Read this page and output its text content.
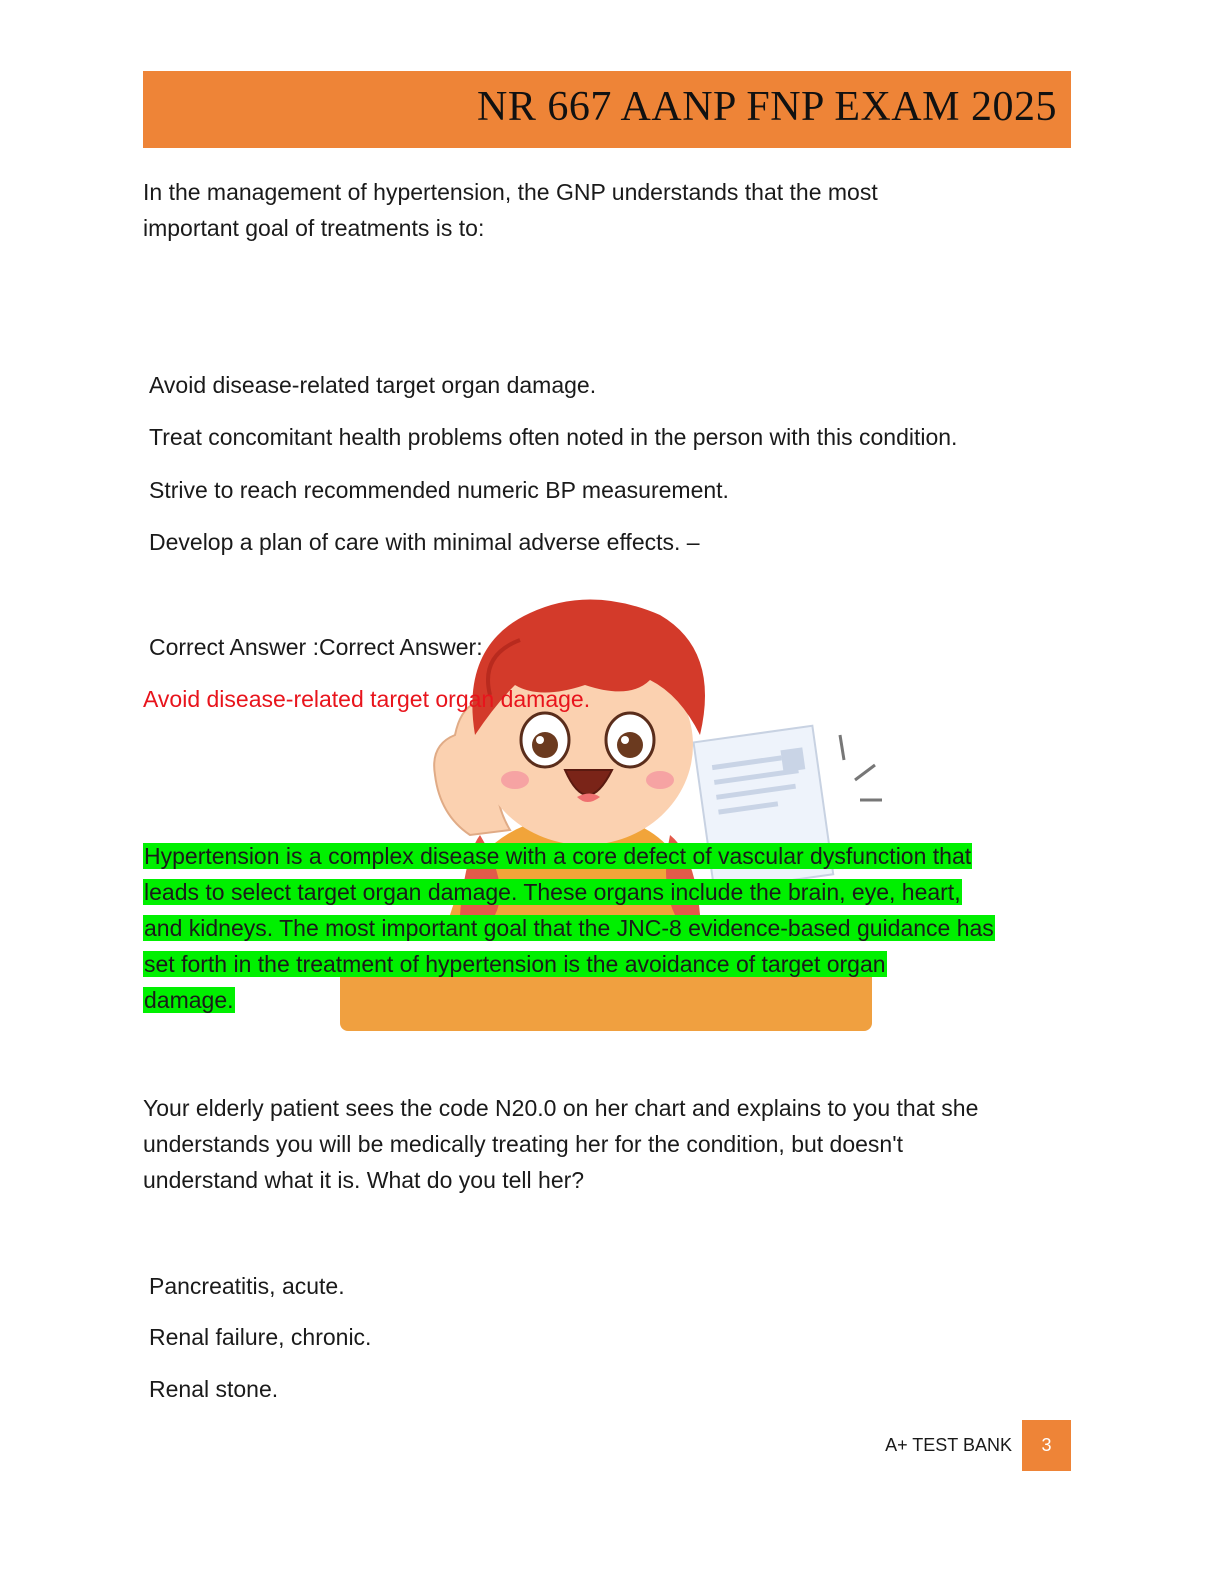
NR 667 AANP FNP EXAM 2025
In the management of hypertension, the GNP understands that the most
important goal of treatments is to:
Avoid disease-related target organ damage.
Treat concomitant health problems often noted in the person with this condition.
Strive to reach recommended numeric BP measurement.
Develop a plan of care with minimal adverse effects. –
Correct Answer :Correct Answer:
Avoid disease-related target organ damage.
Hypertension is a complex disease with a core defect of vascular dysfunction that
leads to select target organ damage. These organs include the brain, eye, heart,
and kidneys. The most important goal that the JNC-8 evidence-based guidance has
set forth in the treatment of hypertension is the avoidance of target organ
damage.
Your elderly patient sees the code N20.0 on her chart and explains to you that she
understands you will be medically treating her for the condition, but doesn't
understand what it is. What do you tell her?
Pancreatitis, acute.
Renal failure, chronic.
Renal stone.
A+ TEST BANK	3
